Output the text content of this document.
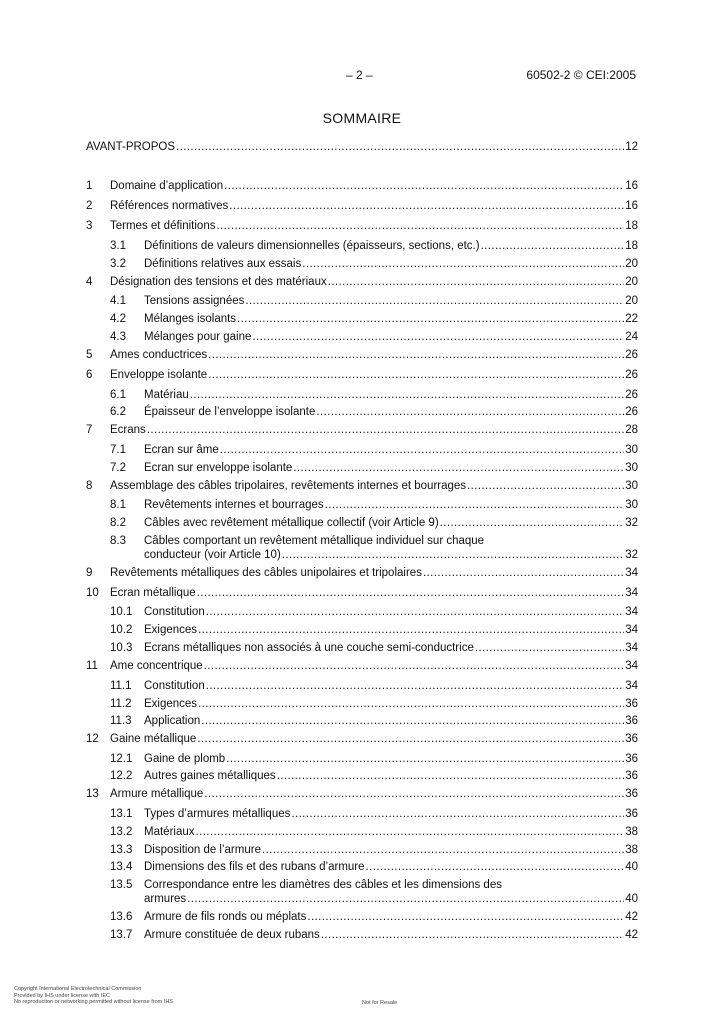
– 2 –	60502-2 © CEI:2005
SOMMAIRE
AVANT-PROPOS .....	12
1 Domaine d’application .....	16
2 Références normatives .....	16
3 Termes et définitions .....	18
3.1 Définitions de valeurs dimensionnelles (épaisseurs, sections, etc.) .....	18
3.2 Définitions relatives aux essais .....	20
4 Désignation des tensions et des matériaux .....	20
4.1 Tensions assignées .....	20
4.2 Mélanges isolants .....	22
4.3 Mélanges pour gaine .....	24
5 Ames conductrices .....	26
6 Enveloppe isolante .....	26
6.1 Matériau .....	26
6.2 Épaisseur de l’enveloppe isolante .....	26
7 Ecrans .....	28
7.1 Ecran sur âme .....	30
7.2 Ecran sur enveloppe isolante .....	30
8 Assemblage des câbles tripolaires, revêtements internes et bourrages .....	30
8.1 Revêtements internes et bourrages .....	30
8.2 Câbles avec revêtement métallique collectif (voir Article 9) .....	32
8.3 Câbles comportant un revêtement métallique individuel sur chaque
conducteur (voir Article 10) .....	32
9 Revêtements métalliques des câbles unipolaires et tripolaires .....	34
10 Ecran métallique .....	34
10.1 Constitution .....	34
10.2 Exigences .....	34
10.3 Ecrans métalliques non associés à une couche semi-conductrice .....	34
11 Ame concentrique .....	34
11.1 Constitution .....	34
11.2 Exigences .....	36
11.3 Application .....	36
12 Gaine métallique .....	36
12.1 Gaine de plomb .....	36
12.2 Autres gaines métalliques .....	36
13 Armure métallique .....	36
13.1 Types d’armures métalliques .....	36
13.2 Matériaux .....	38
13.3 Disposition de l’armure .....	38
13.4 Dimensions des fils et des rubans d’armure .....	40
13.5 Correspondance entre les diamètres des câbles et les dimensions des
armures .....	40
13.6 Armure de fils ronds ou méplats .....	42
13.7 Armure constituée de deux rubans .....	42
Copyright International Electrotechnical Commission
Provided by IHS under license with IEC
No reproduction or networking permitted without license from IHS	Not for Resale
